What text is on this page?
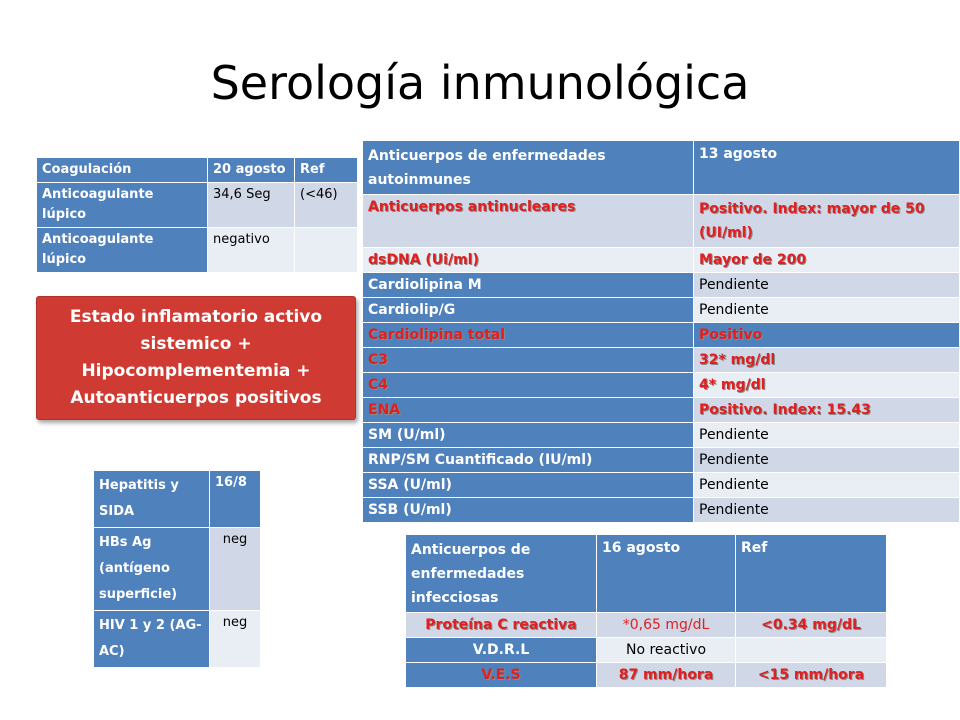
Serología inmunológica
Coagulación	20 agosto	Ref
Anticoagulante lúpico	34,6 Seg	(<46)
Anticoagulante lúpico	negativo	
Estado inflamatorio activo
sistemico +
Hipocomplementemia +
Autoanticuerpos positivos
Hepatitis y SIDA	16/8
HBs Ag (antígeno superficie)	neg
HIV 1 y 2 (AG-AC)	neg
Anticuerpos de enfermedades autoinmunes	13 agosto
Anticuerpos antinucleares	Positivo. Index: mayor de 50 (UI/ml)
dsDNA (Ui/ml)	Mayor de 200
Cardiolipina M	Pendiente
Cardiolip/G	Pendiente
Cardiolipina total	Positivo
C3	32* mg/dl
C4	4* mg/dl
ENA	Positivo. Index: 15.43
SM (U/ml)	Pendiente
RNP/SM Cuantificado (IU/ml)	Pendiente
SSA (U/ml)	Pendiente
SSB (U/ml)	Pendiente
Anticuerpos de enfermedades infecciosas	16 agosto	Ref
Proteína C reactiva	*0,65 mg/dL	<0.34 mg/dL
V.D.R.L	No reactivo	
V.E.S	87 mm/hora	<15 mm/hora
